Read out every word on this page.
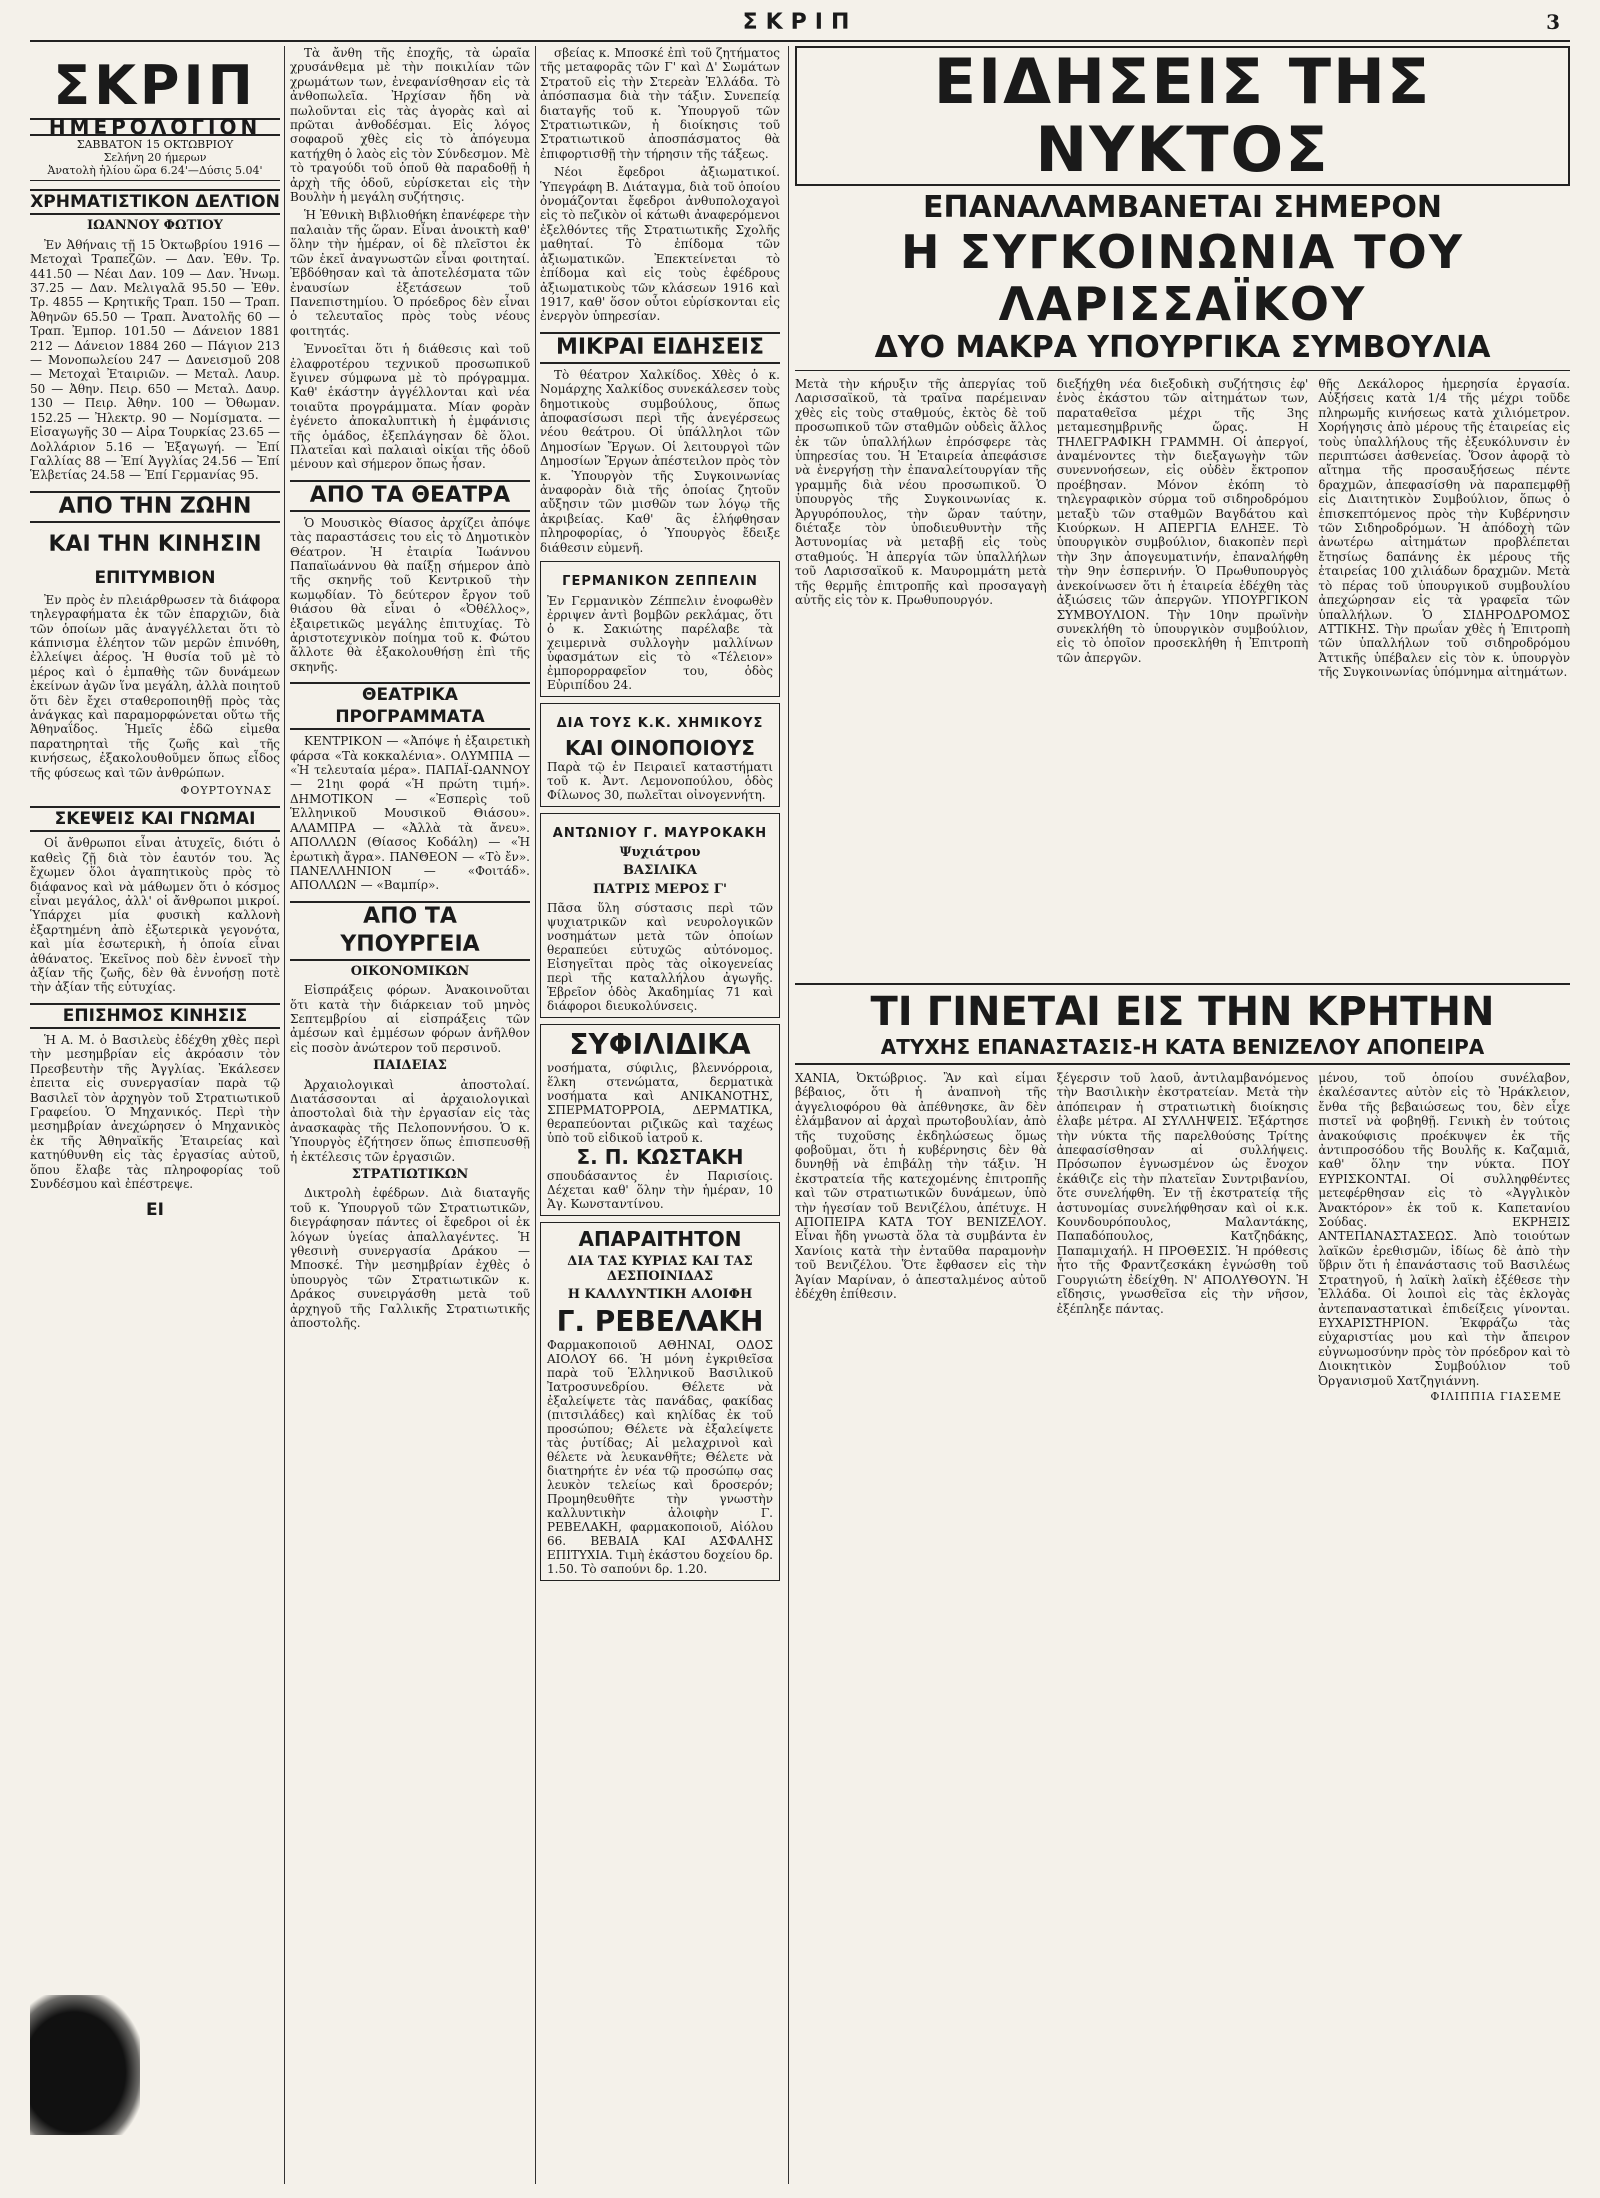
ΣΚΡΙΠ	3
ΣΚΡΙΠ
ΗΜΕΡΟΛΟΓΙΟΝ
ΣΑΒΒΑΤΟΝ 15 ΟΚΤΩΒΡΙΟΥ
Σελήνη 20 ήμερων
Ἀνατολὴ ἡλίου ὥρα 6.24'—Δύσις 5.04'
ΧΡΗΜΑΤΙΣΤΙΚΟΝ ΔΕΛΤΙΟΝ
ΙΩΑΝΝΟΥ ΦΩΤΙΟΥ

Ἐν Ἀθήναις τῇ 15 Ὀκτωβρίου 1916 — Μετοχαὶ Τραπεζῶν. — Δαν. Ἐθν. Τρ. 441.50 — Νέαι Δαν. 109 — Δαν. Ἠνωμ. 37.25 — Δαν. Μελιγαλᾶ 95.50 — Ἐθν. Τρ. 4855 — Κρητικῆς Τραπ. 150 — Τραπ. Ἀθηνῶν 65.50 — Τραπ. Ἀνατολῆς 60 — Τραπ. Ἐμπορ. 101.50 — Δάνειον 1881 212 — Δάνειον 1884 260 — Πάγιον 213 — Μονοπωλείου 247 — Δανεισμοῦ 208 — Μετοχαὶ Ἐταιριῶν. — Μεταλ. Λαυρ. 50 — Ἀθην. Πειρ. 650 — Μεταλ. Δαυρ. 130 — Πειρ. Ἀθην. 100 — Ὀθωμαν. 152.25 — Ἠλεκτρ. 90 — Νομίσματα. — Εἰσαγωγῆς 30 — Αἰρα Τουρκίας 23.65 — Δολλάριον 5.16 — Ἐξαγωγή. — Ἐπί Γαλλίας 88 — Ἐπί Ἀγγλίας 24.56 — Ἐπί Ἑλβετίας 24.58 — Ἐπί Γερμανίας 95.

ΑΠΟ ΤΗΝ ΖΩΗΝ
ΚΑΙ ΤΗΝ ΚΙΝΗΣΙΝ
ΕΠΙΤΥΜΒΙΟΝ

Ἐν πρὸς ἐν πλειάρθρωσεν τὰ διάφορα τηλεγραφήματα ἐκ τῶν ἐπαρχιῶν, διὰ τῶν ὁποίων μᾶς ἀναγγέλλεται ὅτι τὸ κάπνισμα ἐλέητον τῶν μερῶν ἐπινόθη, ἐλλείψει ἀέρος. Ἡ θυσία τοῦ μὲ τὸ μέρος καὶ ὁ ἐμπαθὴς τῶν δυνάμεων ἐκείνων ἀγῶν ἵνα μεγάλη, ἀλλὰ ποιητοῦ ὅτι δὲν ἔχει σταθεροποιηθῇ πρὸς τὰς ἀνάγκας καὶ παραμορφώνεται οὕτω τῆς Ἀθηναΐδος. Ἡμεῖς ἐδῶ εἰμεθα παρατηρηταὶ τῆς ζωῆς καὶ τῆς κινήσεως, ἐξακολουθοῦμεν ὅπως εἶδος τῆς φύσεως καὶ τῶν ἀνθρώπων.

ΦΟΥΡΤΟΥΝΑΣ
ΣΚΕΨΕΙΣ ΚΑΙ ΓΝΩΜΑΙ

Οἱ ἄνθρωποι εἶναι ἀτυχεῖς, διότι ὁ καθεὶς ζῇ διὰ τὸν ἑαυτόν του. Ἄς ἔχωμεν ὅλοι ἀγαπητικοὺς πρὸς τὸ διάφανος καὶ νὰ μάθωμεν ὅτι ὁ κόσμος εἶναι μεγάλος, ἀλλ' οἱ ἄνθρωποι μικροί. Ὑπάρχει μία φυσικὴ καλλονὴ ἐξαρτημένη ἀπὸ ἐξωτερικὰ γεγονότα, καὶ μία ἐσωτερικὴ, ἡ ὁποία εἶναι ἀθάνατος. Ἐκεῖνος ποὺ δὲν ἐννοεῖ τὴν ἀξίαν τῆς ζωῆς, δὲν θὰ ἐννοήσῃ ποτὲ τὴν ἀξίαν τῆς εὐτυχίας.

ΕΠΙΣΗΜΟΣ ΚΙΝΗΣΙΣ

Ἡ Α. Μ. ὁ Βασιλεὺς ἐδέχθη χθὲς περὶ τὴν μεσημβρίαν εἰς ἀκρόασιν τὸν Πρεσβευτὴν τῆς Ἀγγλίας. Ἐκάλεσεν ἐπειτα εἰς συνεργασίαν παρὰ τῷ Βασιλεῖ τὸν ἀρχηγὸν τοῦ Στρατιωτικοῦ Γραφείου. Ὁ Μηχανικός. Περὶ τὴν μεσημβρίαν ἀνεχώρησεν ὁ Μηχανικὸς ἐκ τῆς Ἀθηναϊκῆς Ἑταιρείας καὶ κατηύθυνθη εἰς τὰς ἐργασίας αὐτοῦ, ὅπου ἔλαβε τὰς πληροφορίας τοῦ Συνδέσμου καὶ ἐπέστρεψε.

ΕΙ

Τὰ ἄνθη τῆς ἐποχῆς, τὰ ὡραῖα χρυσάνθεμα μὲ τὴν ποικιλίαν τῶν χρωμάτων των, ἐνεφανίσθησαν εἰς τὰ ἀνθοπωλεῖα. Ἠρχίσαν ἤδη νὰ πωλοῦνται εἰς τὰς ἀγορὰς καὶ αἱ πρῶται ἀνθοδέσμαι. Εἰς λόγος σοφαροῦ χθὲς εἰς τὸ ἀπόγευμα κατήχθη ὁ λαὸς εἰς τὸν Σύνδεσμον. Μὲ τὸ τραγούδι τοῦ ὁποῦ θὰ παραδοθῇ ἡ ἀρχὴ τῆς ὁδοῦ, εὑρίσκεται εἰς τὴν Βουλὴν ἡ μεγάλη συζήτησις.

Ἡ Ἐθνικὴ Βιβλιοθήκη ἐπανέφερε τὴν παλαιὰν τῆς ὥραν. Εἶναι ἀνοικτὴ καθ' ὅλην τὴν ἡμέραν, οἱ δὲ πλεῖστοι ἐκ τῶν ἐκεῖ ἀναγνωστῶν εἶναι φοιτηταί. Ἐβδόθησαν καὶ τὰ ἀποτελέσματα τῶν ἐναυσίων ἐξετάσεων τοῦ Πανεπιστημίου. Ὁ πρόεδρος δὲν εἶναι ὁ τελευταῖος πρὸς τοὺς νέους φοιτητάς.

Ἐννοεῖται ὅτι ἡ διάθεσις καὶ τοῦ ἐλαφροτέρου τεχνικοῦ προσωπικοῦ ἔγινεν σύμφωνα μὲ τὸ πρόγραμμα. Καθ' ἑκάστην ἀγγέλλονται καὶ νέα τοιαῦτα προγράμματα. Μίαν φορὰν ἐγένετο ἀποκαλυπτικὴ ἡ ἐμφάνισις τῆς ὁμάδος, ἐξεπλάγησαν δὲ ὅλοι. Πλατεῖαι καὶ παλαιαὶ οἰκίαι τῆς ὁδοῦ μένουν καὶ σήμερον ὅπως ἦσαν.

ΑΠΟ ΤΑ ΘΕΑΤΡΑ

Ὁ Μουσικὸς Θίασος ἀρχίζει ἀπόψε τὰς παραστάσεις του εἰς τὸ Δημοτικὸν Θέατρον. Ἡ ἐταιρία Ἰωάννου Παπαϊωάννου θὰ παίξῃ σήμερον ἀπὸ τῆς σκηνῆς τοῦ Κεντρικοῦ τὴν κωμῳδίαν. Τὸ δεύτερον ἔργον τοῦ θιάσου θὰ εἶναι ὁ «Ὀθέλλος», ἐξαιρετικῶς μεγάλης ἐπιτυχίας. Τὸ ἀριστοτεχνικὸν ποίημα τοῦ κ. Φώτου ἄλλοτε θὰ ἐξακολουθήσῃ ἐπὶ τῆς σκηνῆς.

ΘΕΑΤΡΙΚΑ ΠΡΟΓΡΑΜΜΑΤΑ

ΚΕΝΤΡΙΚΟΝ — «Ἀπόψε ἡ ἐξαιρετικὴ φάρσα «Τὰ κοκκαλένια». ΟΛΥΜΠΙΑ — «Ἡ τελευταία μέρα». ΠΑΠΑΪ-ΩΑΝΝΟΥ — 21ηι φορά «Ἡ πρώτη τιμή». ΔΗΜΟΤΙΚΟΝ — «Ἐσπερὶς τοῦ Ἑλληνικοῦ Μουσικοῦ Θιάσου». ΑΛΑΜΠΡΑ — «Ἀλλὰ τὰ ἄνευ». ΑΠΟΛΛΩΝ (Θίασος Κοδάλη) — «Ἡ ἐρωτικὴ ἄγρα». ΠΑΝΘΕΟΝ — «Τὸ ἔν». ΠΑΝΕΛΛΗΝΙΟΝ — «Φοιτάδ». ΑΠΟΛΛΩΝ — «Βαμπίρ».

ΑΠΟ ΤΑ ΥΠΟΥΡΓΕΙΑ
ΟΙΚΟΝΟΜΙΚΩΝ

Εἰσπράξεις φόρων. Ἀνακοινοῦται ὅτι κατὰ τὴν διάρκειαν τοῦ μηνὸς Σεπτεμβρίου αἱ εἰσπράξεις τῶν ἀμέσων καὶ ἐμμέσων φόρων ἀνῆλθον εἰς ποσὸν ἀνώτερον τοῦ περσινοῦ.

ΠΑΙΔΕΙΑΣ

Ἀρχαιολογικαὶ ἀποστολαί. Διατάσσονται αἱ ἀρχαιολογικαὶ ἀποστολαὶ διὰ τὴν ἐργασίαν εἰς τὰς ἀνασκαφὰς τῆς Πελοποννήσου. Ὁ κ. Ὑπουργὸς ἐζήτησεν ὅπως ἐπισπευσθῇ ἡ ἐκτέλεσις τῶν ἐργασιῶν.

ΣΤΡΑΤΙΩΤΙΚΩΝ

Δικτρολὴ ἐφέδρων. Διὰ διαταγῆς τοῦ κ. Ὑπουργοῦ τῶν Στρατιωτικῶν, διεγράφησαν πάντες οἱ ἔφεδροι οἱ ἐκ λόγων ὑγείας ἀπαλλαγέντες. Ἡ γθεσινὴ συνεργασία Δράκου — Μποσκέ. Τὴν μεσημβρίαν ἐχθὲς ὁ ὑπουργὸς τῶν Στρατιωτικῶν κ. Δράκος συνειργάσθη μετὰ τοῦ ἀρχηγοῦ τῆς Γαλλικῆς Στρατιωτικῆς ἀποστολῆς.

σβείας κ. Μποσκέ ἐπὶ τοῦ ζητήματος τῆς μεταφορᾶς τῶν Γ' καὶ Δ' Σωμάτων Στρατοῦ εἰς τὴν Στερεὰν Ἑλλάδα. Τὸ ἀπόσπασμα διὰ τὴν τάξιν. Συνεπείᾳ διαταγῆς τοῦ κ. Ὑπουργοῦ τῶν Στρατιωτικῶν, ἡ διοίκησις τοῦ Στρατιωτικοῦ ἀποσπάσματος θὰ ἐπιφορτισθῇ τὴν τήρησιν τῆς τάξεως.

Νέοι ἔφεδροι ἀξιωματικοί. Ὑπεγράφη Β. Διάταγμα, διὰ τοῦ ὁποίου ὀνομάζονται ἔφεδροι ἀνθυπολοχαγοὶ εἰς τὸ πεζικὸν οἱ κάτωθι ἀναφερόμενοι ἐξελθόντες τῆς Στρατιωτικῆς Σχολῆς μαθηταί. Τὸ ἐπίδομα τῶν ἀξιωματικῶν. Ἐπεκτείνεται τὸ ἐπίδομα καὶ εἰς τοὺς ἐφέδρους ἀξιωματικοὺς τῶν κλάσεων 1916 καὶ 1917, καθ' ὅσον οὗτοι εὑρίσκονται εἰς ἐνεργὸν ὑπηρεσίαν.

ΜΙΚΡΑΙ ΕΙΔΗΣΕΙΣ

Τὸ θέατρον Χαλκίδος. Χθὲς ὁ κ. Νομάρχης Χαλκίδος συνεκάλεσεν τοὺς δημοτικοὺς συμβούλους, ὅπως ἀποφασίσωσι περὶ τῆς ἀνεγέρσεως νέου θεάτρου. Οἱ ὑπάλληλοι τῶν Δημοσίων Ἔργων. Οἱ λειτουργοὶ τῶν Δημοσίων Ἔργων ἀπέστειλον πρὸς τὸν κ. Ὑπουργὸν τῆς Συγκοινωνίας ἀναφορὰν διὰ τῆς ὁποίας ζητοῦν αὔξησιν τῶν μισθῶν των λόγῳ τῆς ἀκριβείας. Καθ' ἃς ἐλήφθησαν πληροφορίας, ὁ Ὑπουργὸς ἔδειξε διάθεσιν εὐμενῆ.

ΓΕΡΜΑΝΙΚΟΝ ΖΕΠΠΕΛΙΝ
Ἐν Γερμανικὸν Ζέππελιν ἐνοφωθὲν ἐρριψεν ἀντὶ βομβῶν ρεκλάμας, ὅτι ὁ κ. Σακιώτης παρέλαβε τὰ χειμερινὰ συλλογὴν μαλλίνων ὑφασμάτων εἰς τὸ «Τέλειον» ἐμπορορραφεῖον του, ὁδὸς Εὐριπίδου 24.
ΔΙΑ ΤΟΥΣ Κ.Κ. ΧΗΜΙΚΟΥΣ
ΚΑΙ ΟΙΝΟΠΟΙΟΥΣ
Παρὰ τῷ ἐν Πειραιεῖ καταστήματι τοῦ κ. Ἀντ. Λεμονοπούλου, ὁδὸς Φίλωνος 30, πωλεῖται οἰνογεννήτη.
ΑΝΤΩΝΙΟΥ Γ. ΜΑΥΡΟΚΑΚΗ
Ψυχιάτρου
ΒΑΣΙΛΙΚΑ
ΠΑΤΡΙΣ ΜΕΡΟΣ Γ'
Πᾶσα ὕλη σύστασις περὶ τῶν ψυχιατρικῶν καὶ νευρολογικῶν νοσημάτων μετὰ τῶν ὁποίων θεραπεύει εὐτυχῶς αὐτόνομος. Εἰσηγεῖται πρὸς τὰς οἰκογενείας περὶ τῆς καταλλήλου ἀγωγῆς. Ἑβρεῖον ὁδὸς Ἀκαδημίας 71 καὶ διάφοροι διευκολύνσεις.
ΣΥΦΙΛΙΔΙΚΑ
νοσήματα, σύφιλις, βλεννόρροια, ἕλκη στενώματα, δερματικὰ νοσήματα καὶ ΑΝΙΚΑΝΟΤΗΣ, ΣΠΕΡΜΑΤΟΡΡΟΙΑ, ΔΕΡΜΑΤΙΚΑ, θεραπεύονται ριζικῶς καὶ ταχέως ὑπὸ τοῦ εἰδικοῦ ἰατροῦ κ.
Σ. Π. ΚΩΣΤΑΚΗ
σπουδάσαντος ἐν Παρισίοις. Δέχεται καθ' ὅλην τὴν ἡμέραν, 10 Ἁγ. Κωνσταντίνου.
ΑΠΑΡΑΙΤΗΤΟΝ
ΔΙΑ ΤΑΣ ΚΥΡΙΑΣ ΚΑΙ ΤΑΣ ΔΕΣΠΟΙΝΙΔΑΣ
Η ΚΑΛΛΥΝΤΙΚΗ ΑΛΟΙΦΗ
Γ. ΡΕΒΕΛΑΚΗ
Φαρμακοποιοῦ ΑΘΗΝΑΙ, ΟΔΟΣ ΑΙΟΛΟΥ 66. Ἡ μόνη ἐγκριθεῖσα παρὰ τοῦ Ἑλληνικοῦ Βασιλικοῦ Ἰατροσυνεδρίου. Θέλετε νὰ ἐξαλείψετε τὰς πανάδας, φακίδας (πιτσιλάδες) καὶ κηλίδας ἐκ τοῦ προσώπου; Θέλετε νὰ ἐξαλείψετε τὰς ῥυτίδας; Αἱ μελαχρινοὶ καὶ θέλετε νὰ λευκανθῆτε; Θέλετε νὰ διατηρήτε ἐν νέα τῷ προσώπῳ σας λευκὸν τελείως καὶ δροσερόν; Προμηθευθῆτε τὴν γνωστὴν καλλυντικὴν ἀλοιφὴν Γ. ΡΕΒΕΛΑΚΗ, φαρμακοποιοῦ, Αἰόλου 66. ΒΕΒΑΙΑ ΚΑΙ ΑΣΦΑΛΗΣ ΕΠΙΤΥΧΙΑ. Τιμὴ ἑκάστου δοχείου δρ. 1.50. Τὸ σαπούνι δρ. 1.20.
ΕΙΔΗΣΕΙΣ ΤΗΣ ΝΥΚΤΟΣ
ΕΠΑΝΑΛΑΜΒΑΝΕΤΑΙ ΣΗΜΕΡΟΝ
Η ΣΥΓΚΟΙΝΩΝΙΑ ΤΟΥ ΛΑΡΙΣΣΑΪΚΟΥ
ΔΥΟ ΜΑΚΡΑ ΥΠΟΥΡΓΙΚΑ ΣΥΜΒΟΥΛΙΑ
Μετὰ τὴν κήρυξιν τῆς ἀπεργίας τοῦ Λαρισσαϊκοῦ, τὰ τραῖνα παρέμειναν χθὲς εἰς τοὺς σταθμούς, ἐκτὸς δὲ τοῦ προσωπικοῦ τῶν σταθμῶν οὐδεὶς ἄλλος ἐκ τῶν ὑπαλλήλων ἐπρόσφερε τὰς ὑπηρεσίας του. Ἡ Ἑταιρεία ἀπεφάσισε νὰ ἐνεργήσῃ τὴν ἐπαναλείτουργίαν τῆς γραμμῆς διὰ νέου προσωπικοῦ. Ὁ ὑπουργὸς τῆς Συγκοινωνίας κ. Ἀργυρόπουλος, τὴν ὥραν ταύτην, διέταξε τὸν ὑποδιευθυντὴν τῆς Ἀστυνομίας νὰ μεταβῇ εἰς τοὺς σταθμούς. Ἡ ἀπεργία τῶν ὑπαλλήλων τοῦ Λαρισσαϊκοῦ κ. Μαυρομμάτη μετὰ τῆς θερμῆς ἐπιτροπῆς καὶ προσαγαγὴ αὐτῆς εἰς τὸν κ. Πρωθυπουργόν.
διεξήχθη νέα διεξοδικὴ συζήτησις ἐφ' ἑνὸς ἑκάστου τῶν αἰτημάτων των, παραταθεῖσα μέχρι τῆς 3ης μεταμεσημβρινῆς ὥρας. Η ΤΗΛΕΓΡΑΦΙΚΗ ΓΡΑΜΜΗ. Οἱ ἀπεργοί, ἀναμένοντες τὴν διεξαγωγὴν τῶν συνεννοήσεων, εἰς οὐδὲν ἔκτροπον προέβησαν. Μόνον ἐκόπη τὸ τηλεγραφικὸν σύρμα τοῦ σιδηροδρόμου μεταξὺ τῶν σταθμῶν Βαγδάτου καὶ Κιούρκων. Η ΑΠΕΡΓΙΑ ΕΛΗΞΕ. Τὸ ὑπουργικὸν συμβούλιον, διακοπὲν περὶ τὴν 3ην ἀπογευματινήν, ἐπαναλήφθη τὴν 9ην ἑσπερινήν. Ὁ Πρωθυπουργὸς ἀνεκοίνωσεν ὅτι ἡ ἑταιρεία ἐδέχθη τὰς ἀξιώσεις τῶν ἀπεργῶν. ΥΠΟΥΡΓΙΚΟΝ ΣΥΜΒΟΥΛΙΟΝ. Τὴν 10ην πρωϊνὴν συνεκλήθη τὸ ὑπουργικὸν συμβούλιον, εἰς τὸ ὁποῖον προσεκλήθη ἡ Ἐπιτροπὴ τῶν ἀπεργῶν.
θῆς Δεκάλορος ἡμερησία ἐργασία. Αὐξήσεις κατὰ 1/4 τῆς μέχρι τοῦδε πληρωμῆς κινήσεως κατὰ χιλιόμετρον. Χορήγησις ἀπὸ μέρους τῆς ἑταιρείας εἰς τοὺς ὑπαλλήλους τῆς ἐξευκόλυνσιν ἐν περιπτώσει ἀσθενείας. Ὅσον ἀφορᾷ τὸ αἴτημα τῆς προσαυξήσεως πέντε δραχμῶν, ἀπεφασίσθη νὰ παραπεμφθῇ εἰς Διαιτητικὸν Συμβούλιον, ὅπως ὁ ἐπισκεπτόμενος πρὸς τὴν Κυβέρνησιν τῶν Σιδηροδρόμων. Ἡ ἀπόδοχὴ τῶν ἀνωτέρω αἰτημάτων προβλέπεται ἔτησίως δαπάνης ἐκ μέρους τῆς ἑταιρείας 100 χιλιάδων δραχμῶν. Μετὰ τὸ πέρας τοῦ ὑπουργικοῦ συμβουλίου ἀπεχώρησαν εἰς τὰ γραφεῖα τῶν ὑπαλλήλων. Ὁ ΣΙΔΗΡΟΔΡΟΜΟΣ ΑΤΤΙΚΗΣ. Τὴν πρωΐαν χθὲς ἡ Ἐπιτροπὴ τῶν ὑπαλλήλων τοῦ σιδηροδρόμου Ἀττικῆς ὑπέβαλεν εἰς τὸν κ. ὑπουργὸν τῆς Συγκοινωνίας ὑπόμνημα αἰτημάτων.
ΤΙ ΓΙΝΕΤΑΙ ΕΙΣ ΤΗΝ ΚΡΗΤΗΝ
ΑΤΥΧΗΣ ΕΠΑΝΑΣΤΑΣΙΣ-Η ΚΑΤΑ ΒΕΝΙΖΕΛΟΥ ΑΠΟΠΕΙΡΑ
ΧΑΝΙΑ, Ὀκτώβριος. Ἂν καὶ εἶμαι βέβαιος, ὅτι ἡ ἀναπνοὴ τῆς ἀγγελιοφόρου θὰ ἀπέθνησκε, ἂν δὲν ἐλάμβανον αἱ ἀρχαὶ πρωτοβουλίαν, ἀπὸ τῆς τυχοῦσης ἐκδηλώσεως ὅμως φοβοῦμαι, ὅτι ἡ κυβέρνησις δὲν θὰ δυνηθῇ νὰ ἐπιβάλῃ τὴν τάξιν. Ἡ ἐκστρατεία τῆς κατεχομένης ἐπιτροπῆς καὶ τῶν στρατιωτικῶν δυνάμεων, ὑπὸ τὴν ἡγεσίαν τοῦ Βενιζέλου, ἀπέτυχε. Η ΑΠΟΠΕΙΡΑ ΚΑΤΑ ΤΟΥ ΒΕΝΙΖΕΛΟΥ. Εἶναι ἤδη γνωστὰ ὅλα τὰ συμβάντα ἐν Χανίοις κατὰ τὴν ἐνταῦθα παραμονὴν τοῦ Βενιζέλου. Ὅτε ἔφθασεν εἰς τὴν Ἁγίαν Μαρίναν, ὁ ἀπεσταλμένος αὐτοῦ ἐδέχθη ἐπίθεσιν.
ξέγερσιν τοῦ λαοῦ, ἀντιλαμβανόμενος τὴν Βασιλικὴν ἐκστρατείαν. Μετὰ τὴν ἀπόπειραν ἡ στρατιωτικὴ διοίκησις ἐλαβε μέτρα. ΑΙ ΣΥΛΛΗΨΕΙΣ. Ἐξάρτησε τὴν νύκτα τῆς παρελθούσης Τρίτης ἀπεφασίσθησαν αἱ συλλήψεις. Πρόσωπον ἐγνωσμένον ὡς ἔνοχον ἐκάθιζε εἰς τὴν πλατεῖαν Συντριβανίου, ὅτε συνελήφθη. Ἐν τῇ ἐκστρατείᾳ τῆς ἀστυνομίας συνελήφθησαν καὶ οἱ κ.κ. Κουνδουρόπουλος, Μαλαντάκης, Παπαδόπουλος, Κατζηδάκης, Παπαμιχαήλ. Η ΠΡΟΘΕΣΙΣ. Ἡ πρόθεσις ἦτο τῆς Φραντζεσκάκη ἐγνώσθη τοῦ Γουργιώτη ἐδείχθη. Ν' ΑΠΟΛΥΘΟΥΝ. Ἡ εἴδησις, γνωσθεῖσα εἰς τὴν νῆσον, ἐξέπληξε πάντας.
μένου, τοῦ ὁποίου συνέλαβον, ἐκαλέσαντες αὐτὸν εἰς τὸ Ἡράκλειον, ἔνθα τῆς βεβαιώσεως του, δὲν εἶχε πιστεῖ νὰ φοβηθῇ. Γενικὴ ἐν τούτοις ἀνακούφισις προέκυψεν ἐκ τῆς ἀντιπροσόδου τῆς Βουλῆς κ. Καζαμιᾶ, καθ' ὅλην την νύκτα. ΠΟΥ ΕΥΡΙΣΚΟΝΤΑΙ. Οἱ συλληφθέντες μετεφέρθησαν εἰς τὸ «Ἀγγλικὸν Ἀνακτόρον» ἐκ τοῦ κ. Καπετανίου Σούδας. ΕΚΡΗΞΙΣ ΑΝΤΕΠΑΝΑΣΤΑΣΕΩΣ. Ἀπὸ τοιούτων λαϊκῶν ἐρεθισμῶν, ἰδίως δὲ ἀπὸ τὴν ὕβριν ὅτι ἡ ἐπανάστασις τοῦ Βασιλέως Στρατηγοῦ, ἡ λαϊκὴ λαϊκὴ ἐξέθεσε τὴν Ἑλλάδα. Οἱ λοιποὶ εἰς τὰς ἐκλογὰς ἀντεπαναστατικαὶ ἐπιδείξεις γίνονται. ΕΥΧΑΡΙΣΤΗΡΙΟΝ. Ἐκφράζω τὰς εὐχαριστίας μου καὶ τὴν ἄπειρον εὐγνωμοσύνην πρὸς τὸν πρόεδρον καὶ τὸ Διοικητικὸν Συμβούλιον τοῦ Ὀργανισμοῦ Χατζηγιάννη.
ΦΙΛΙΠΠΙΑ ΓΙΑΣΕΜΕ
